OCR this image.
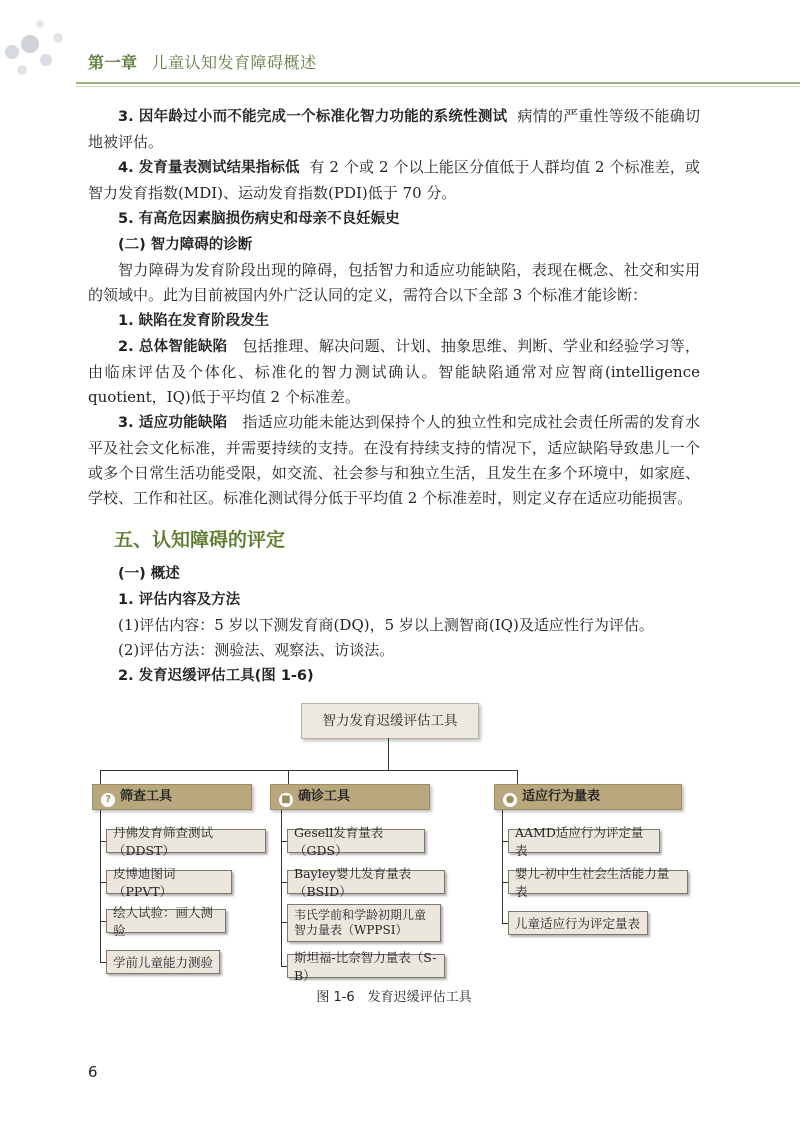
第一章 儿童认知发育障碍概述

3. 因年龄过小而不能完成一个标准化智力功能的系统性测试 病情的严重性等级不能确切地被评估。

4. 发育量表测试结果指标低 有 2 个或 2 个以上能区分值低于人群均值 2 个标准差，或智力发育指数(MDI)、运动发育指数(PDI)低于 70 分。

5. 有高危因素脑损伤病史和母亲不良妊娠史

(二) 智力障碍的诊断

智力障碍为发育阶段出现的障碍，包括智力和适应功能缺陷，表现在概念、社交和实用的领域中。此为目前被国内外广泛认同的定义，需符合以下全部 3 个标准才能诊断：

1. 缺陷在发育阶段发生

2. 总体智能缺陷 包括推理、解决问题、计划、抽象思维、判断、学业和经验学习等，由临床评估及个体化、标准化的智力测试确认。智能缺陷通常对应智商(intelligence quotient，IQ)低于平均值 2 个标准差。

3. 适应功能缺陷 指适应功能未能达到保持个人的独立性和完成社会责任所需的发育水平及社会文化标准，并需要持续的支持。在没有持续支持的情况下，适应缺陷导致患儿一个或多个日常生活功能受限，如交流、社会参与和独立生活，且发生在多个环境中，如家庭、学校、工作和社区。标准化测试得分低于平均值 2 个标准差时，则定义存在适应功能损害。

五、认知障碍的评定

(一) 概述

1. 评估内容及方法

(1)评估内容：5 岁以下测发育商(DQ)，5 岁以上测智商(IQ)及适应性行为评估。

(2)评估方法：测验法、观察法、访谈法。

2. 发育迟缓评估工具(图 1-6)

智力发育迟缓评估工具
? 筛查工具	■ 确诊工具	● 适应行为量表
丹佛发育筛查测试（DDST）
皮博迪图词（PPVT）
绘人试验：画人测验
学前儿童能力测验
Gesell发育量表（GDS）
Bayley婴儿发育量表（BSID）
韦氏学前和学龄初期儿童智力量表（WPPSI）
斯坦福-比奈智力量表（S-B）
AAMD适应行为评定量表
婴儿-初中生社会生活能力量表
儿童适应行为评定量表
图 1-6　发育迟缓评估工具
6
